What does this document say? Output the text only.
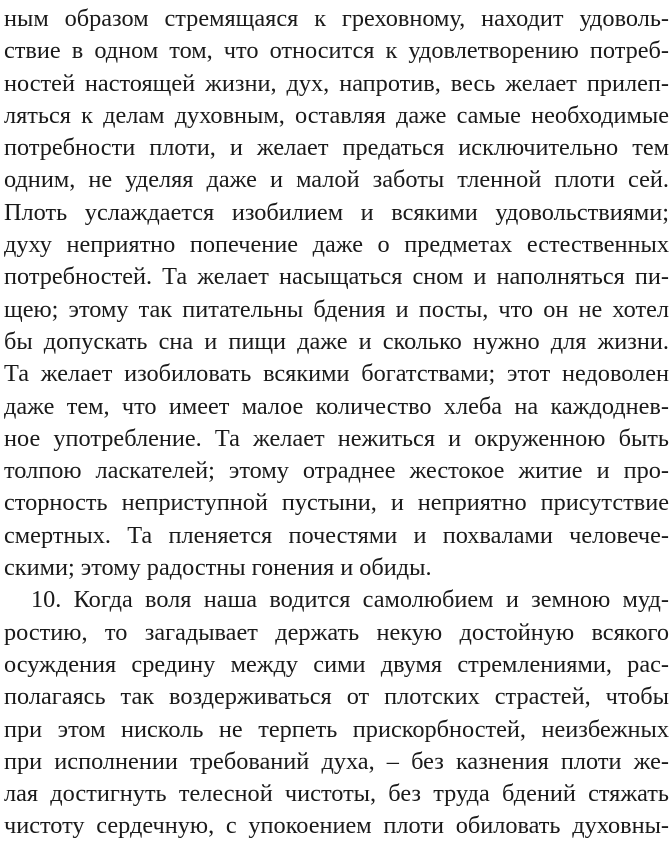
ным образом стремящаяся к греховному, находит удоволь-
ствие в одном том, что относится к удовлетворению потреб-
ностей настоящей жизни, дух, напротив, весь желает прилеп-
ляться к делам духовным, оставляя даже самые необходимые
потребности плоти, и желает предаться исключительно тем
одним, не уделяя даже и малой заботы тленной плоти сей.
Плоть услаждается изобилием и всякими удовольствиями;
духу неприятно попечение даже о предметах естественных
потребностей. Та желает насыщаться сном и наполняться пи-
щею; этому так питательны бдения и посты, что он не хотел
бы допускать сна и пищи даже и сколько нужно для жизни.
Та желает изобиловать всякими богатствами; этот недоволен
даже тем, что имеет малое количество хлеба на каждоднев-
ное употребление. Та желает нежиться и окруженною быть
толпою ласкателей; этому отраднее жестокое житие и про-
сторность неприступной пустыни, и неприятно присутствие
смертных. Та пленяется почестями и похвалами человече-
скими; этому радостны гонения и обиды.
10. Когда воля наша водится самолюбием и земною муд-
ростию, то загадывает держать некую достойную всякого
осуждения средину между сими двумя стремлениями, рас-
полагаясь так воздерживаться от плотских страстей, чтобы
при этом нисколь не терпеть прискорбностей, неизбежных
при исполнении требований духа, – без казнения плоти же-
лая достигнуть телесной чистоты, без труда бдений стяжать
чистоту сердечную, с упокоением плоти обиловать духовны-
